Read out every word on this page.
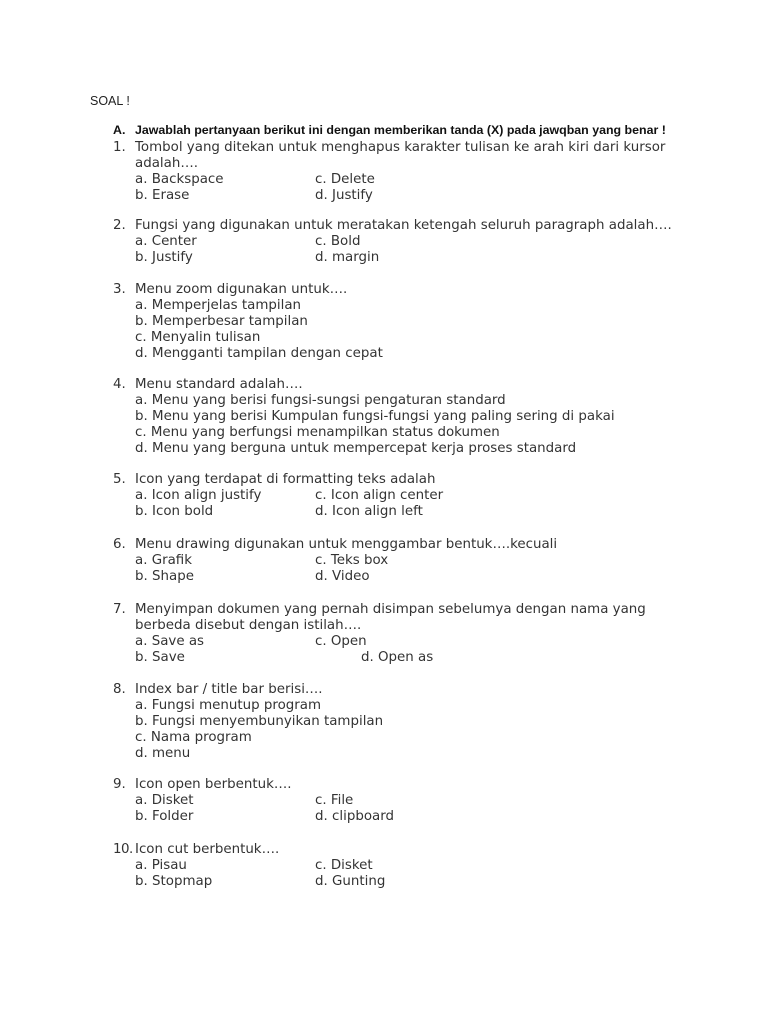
SOAL !
A. Jawablah pertanyaan berikut ini dengan memberikan tanda (X) pada jawqban yang benar !
1. Tombol yang ditekan untuk menghapus karakter tulisan ke arah kiri dari kursor adalah….
a. Backspace	c. Delete
b. Erase	d. Justify
2. Fungsi yang digunakan untuk meratakan ketengah seluruh paragraph adalah….
a. Center	c. Bold
b. Justify	d. margin
3. Menu zoom digunakan untuk….
a. Memperjelas tampilan
b. Memperbesar tampilan
c. Menyalin tulisan
d. Mengganti tampilan dengan cepat
4. Menu standard adalah….
a. Menu yang berisi fungsi-sungsi pengaturan standard
b. Menu yang berisi Kumpulan fungsi-fungsi yang paling sering di pakai
c. Menu yang berfungsi menampilkan status dokumen
d. Menu yang berguna untuk mempercepat kerja proses standard
5. Icon yang terdapat di formatting teks adalah
a. Icon align justify	c. Icon align center
b. Icon bold	d. Icon align left
6. Menu drawing digunakan untuk menggambar bentuk….kecuali
a. Grafik	c. Teks box
b. Shape	d. Video
7. Menyimpan dokumen yang pernah disimpan sebelumya dengan nama yang berbeda disebut dengan istilah….
a. Save as	c. Open
b. Save	d. Open as
8. Index bar / title bar berisi….
a. Fungsi menutup program
b. Fungsi menyembunyikan tampilan
c. Nama program
d. menu
9. Icon open berbentuk….
a. Disket	c. File
b. Folder	d. clipboard
10. Icon cut berbentuk….
a. Pisau	c. Disket
b. Stopmap	d. Gunting
